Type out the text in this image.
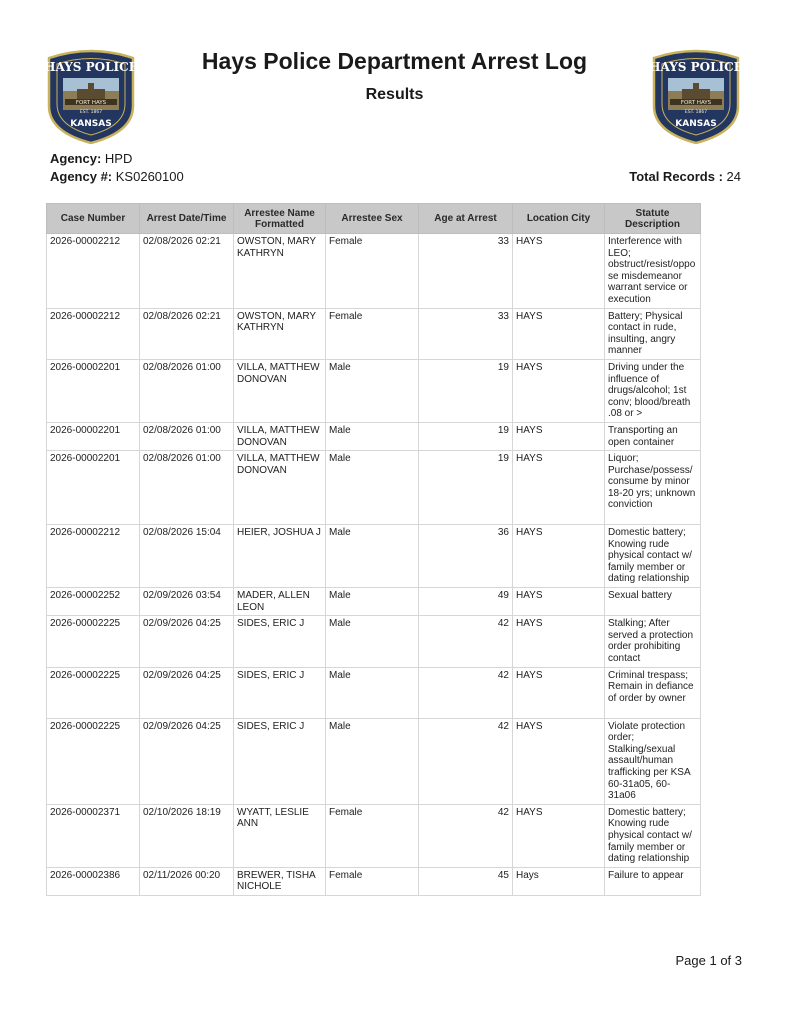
HAYS POLICE
FORT HAYS
EST. 1867
KANSAS
HAYS POLICE
FORT HAYS
EST. 1867
KANSAS
Hays Police Department Arrest Log
Results
Agency: HPD
Agency #: KS0260100	Total Records : 24
Case Number	Arrest Date/Time	Arrestee Name Formatted	Arrestee Sex	Age at Arrest	Location City	Statute Description
2026-00002212	02/08/2026 02:21	OWSTON, MARY KATHRYN	Female	33	HAYS	Interference with LEO; obstruct/resist/oppose misdemeanor warrant service or execution
2026-00002212	02/08/2026 02:21	OWSTON, MARY KATHRYN	Female	33	HAYS	Battery; Physical contact in rude, insulting, angry manner
2026-00002201	02/08/2026 01:00	VILLA, MATTHEW DONOVAN	Male	19	HAYS	Driving under the influence of drugs/alcohol; 1st conv; blood/breath .08 or >
2026-00002201	02/08/2026 01:00	VILLA, MATTHEW DONOVAN	Male	19	HAYS	Transporting an open container
2026-00002201	02/08/2026 01:00	VILLA, MATTHEW DONOVAN	Male	19	HAYS	Liquor; Purchase/possess/consume by minor 18-20 yrs; unknown conviction
2026-00002212	02/08/2026 15:04	HEIER, JOSHUA J	Male	36	HAYS	Domestic battery; Knowing rude physical contact w/ family member or dating relationship
2026-00002252	02/09/2026 03:54	MADER, ALLEN LEON	Male	49	HAYS	Sexual battery
2026-00002225	02/09/2026 04:25	SIDES, ERIC J	Male	42	HAYS	Stalking; After served a protection order prohibiting contact
2026-00002225	02/09/2026 04:25	SIDES, ERIC J	Male	42	HAYS	Criminal trespass; Remain in defiance of order by owner
2026-00002225	02/09/2026 04:25	SIDES, ERIC J	Male	42	HAYS	Violate protection order; Stalking/sexual assault/human trafficking per KSA 60-31a05, 60-31a06
2026-00002371	02/10/2026 18:19	WYATT, LESLIE ANN	Female	42	HAYS	Domestic battery; Knowing rude physical contact w/ family member or dating relationship
2026-00002386	02/11/2026 00:20	BREWER, TISHA NICHOLE	Female	45	Hays	Failure to appear
Page 1 of 3
